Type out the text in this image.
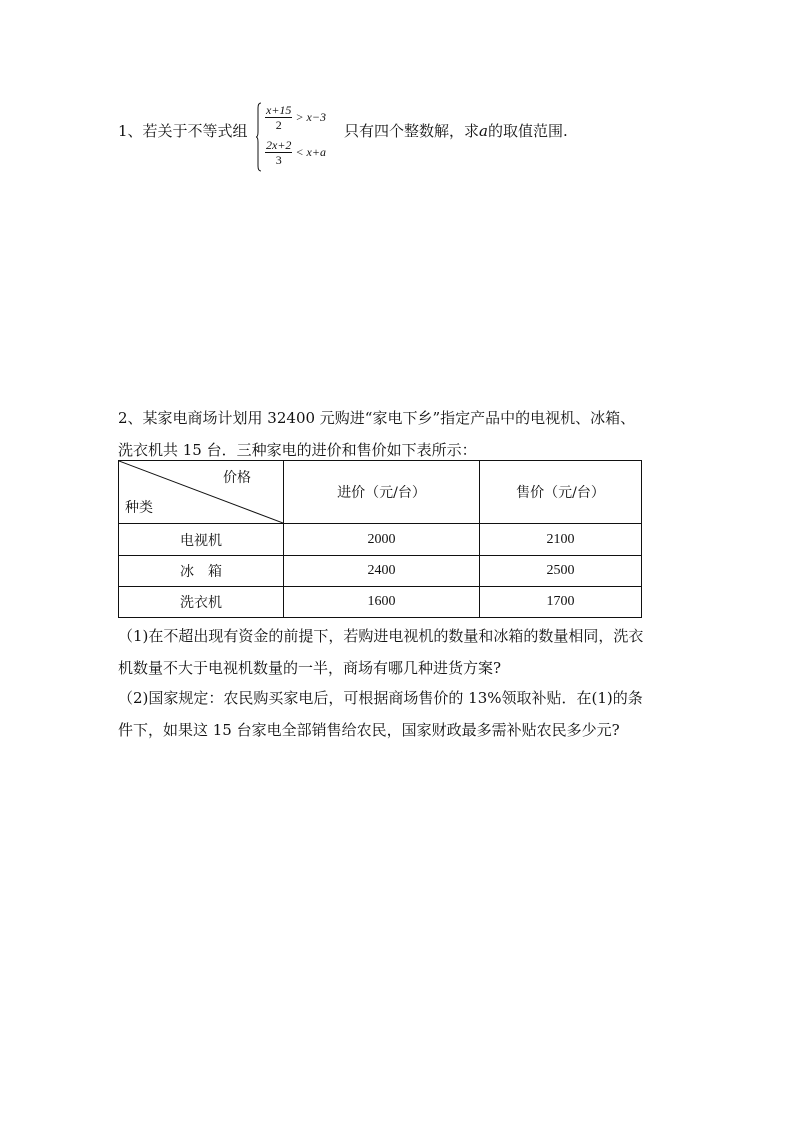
1、若关于不等式组 $\frac{x+15}{2} > x-3$
$\frac{2x+2}{3} < x+a$
只有四个整数解，求a的取值范围.

2、某家电商场计划用 32400 元购进“家电下乡”指定产品中的电视机、冰箱、

洗衣机共 15 台．三种家电的进价和售价如下表所示：

价格
种类
进价（元/台）	售价（元/台）
电视机	2000	2100
冰　箱	2400	2500
洗衣机	1600	1700

（1)在不超出现有资金的前提下，若购进电视机的数量和冰箱的数量相同，洗衣

机数量不大于电视机数量的一半，商场有哪几种进货方案?

（2)国家规定：农民购买家电后，可根据商场售价的 13%领取补贴．在(1)的条

件下，如果这 15 台家电全部销售给农民，国家财政最多需补贴农民多少元?
